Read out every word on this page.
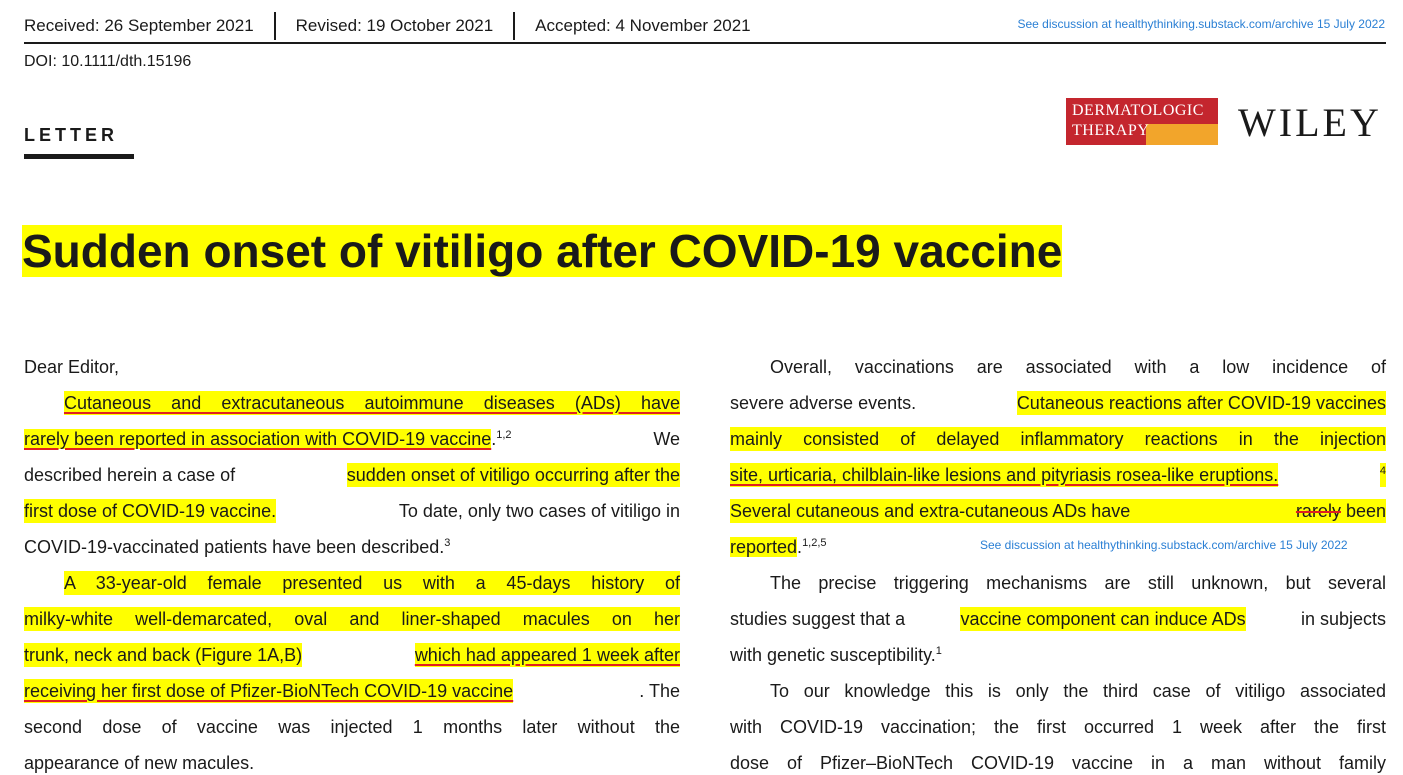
Received: 26 September 2021 Revised: 19 October 2021 Accepted: 4 November 2021	See discussion at healthythinking.substack.com/archive 15 July 2022
DOI: 10.1111/dth.15196
LETTER
DERMATOLOGIC
THERAPY WILEY
Sudden onset of vitiligo after COVID-19 vaccine
Dear Editor,
Cutaneous and extracutaneous autoimmune diseases (ADs) have
rarely been reported in association with COVID-19 vaccine.$^{1,2}$	We
described herein a case of	sudden onset of vitiligo occurring after the
first dose of COVID-19 vaccine.	To date, only two cases of vitiligo in
COVID-19-vaccinated patients have been described.$^3$
A 33-year-old female presented us with a 45-days history of
milky-white well-demarcated, oval and liner-shaped macules on her
trunk, neck and back (Figure 1A,B)	which had appeared 1 week after
receiving her first dose of Pfizer-BioNTech COVID-19 vaccine	. The
second dose of vaccine was injected 1 months later without the
appearance of new macules.
Overall, vaccinations are associated with a low incidence of
severe adverse events.	Cutaneous reactions after COVID-19 vaccines
mainly consisted of delayed inflammatory reactions in the injection
site, urticaria, chilblain-like lesions and pityriasis rosea-like eruptions.	$^4$
Several cutaneous and extra-cutaneous ADs have	rarely been
reported.$^{1,2,5}$	See discussion at healthythinking.substack.com/archive 15 July 2022
The precise triggering mechanisms are still unknown, but several
studies suggest that a	vaccine component can induce ADs	in subjects
with genetic susceptibility.$^1$
To our knowledge this is only the third case of vitiligo associated
with COVID-19 vaccination; the first occurred 1 week after the first
dose of Pfizer–BioNTech COVID-19 vaccine in a man without family
